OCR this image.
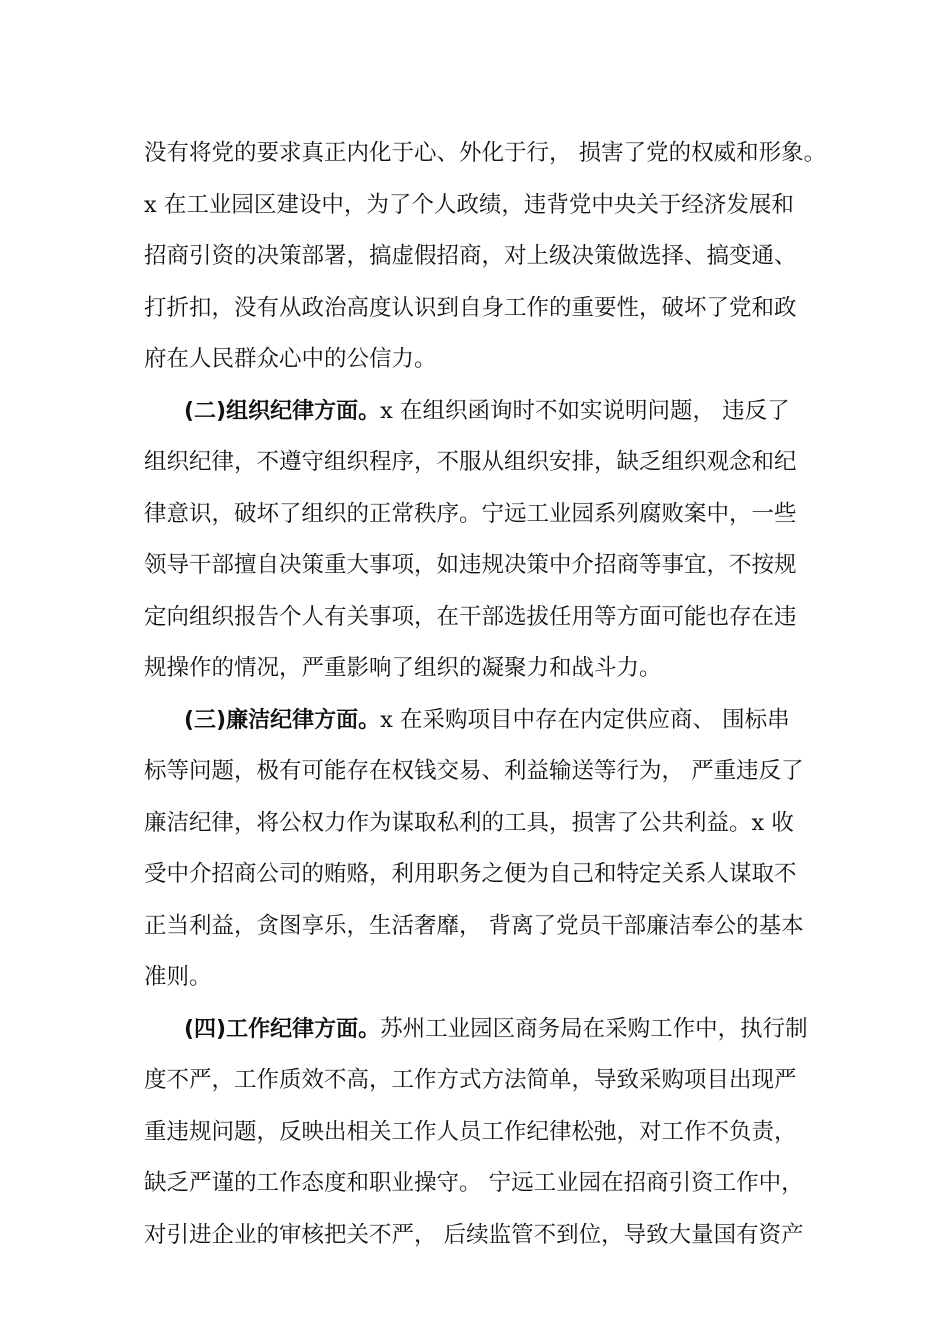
没有将党的要求真正内化于心、外化于行， 损害了党的权威和形象。
x 在工业园区建设中，为了个人政绩，违背党中央关于经济发展和
招商引资的决策部署，搞虚假招商，对上级决策做选择、搞变通、
打折扣，没有从政治高度认识到自身工作的重要性，破坏了党和政
府在人民群众心中的公信力。
(二)组织纪律方面。x 在组织函询时不如实说明问题， 违反了
组织纪律，不遵守组织程序，不服从组织安排，缺乏组织观念和纪
律意识，破坏了组织的正常秩序。宁远工业园系列腐败案中，一些
领导干部擅自决策重大事项，如违规决策中介招商等事宜，不按规
定向组织报告个人有关事项，在干部选拔任用等方面可能也存在违
规操作的情况，严重影响了组织的凝聚力和战斗力。
(三)廉洁纪律方面。x 在采购项目中存在内定供应商、 围标串
标等问题，极有可能存在权钱交易、利益输送等行为， 严重违反了
廉洁纪律，将公权力作为谋取私利的工具，损害了公共利益。x 收
受中介招商公司的贿赂，利用职务之便为自己和特定关系人谋取不
正当利益，贪图享乐，生活奢靡， 背离了党员干部廉洁奉公的基本
准则。
(四)工作纪律方面。苏州工业园区商务局在采购工作中，执行制
度不严，工作质效不高，工作方式方法简单，导致采购项目出现严
重违规问题，反映出相关工作人员工作纪律松弛，对工作不负责，
缺乏严谨的工作态度和职业操守。 宁远工业园在招商引资工作中，
对引进企业的审核把关不严， 后续监管不到位，导致大量国有资产
